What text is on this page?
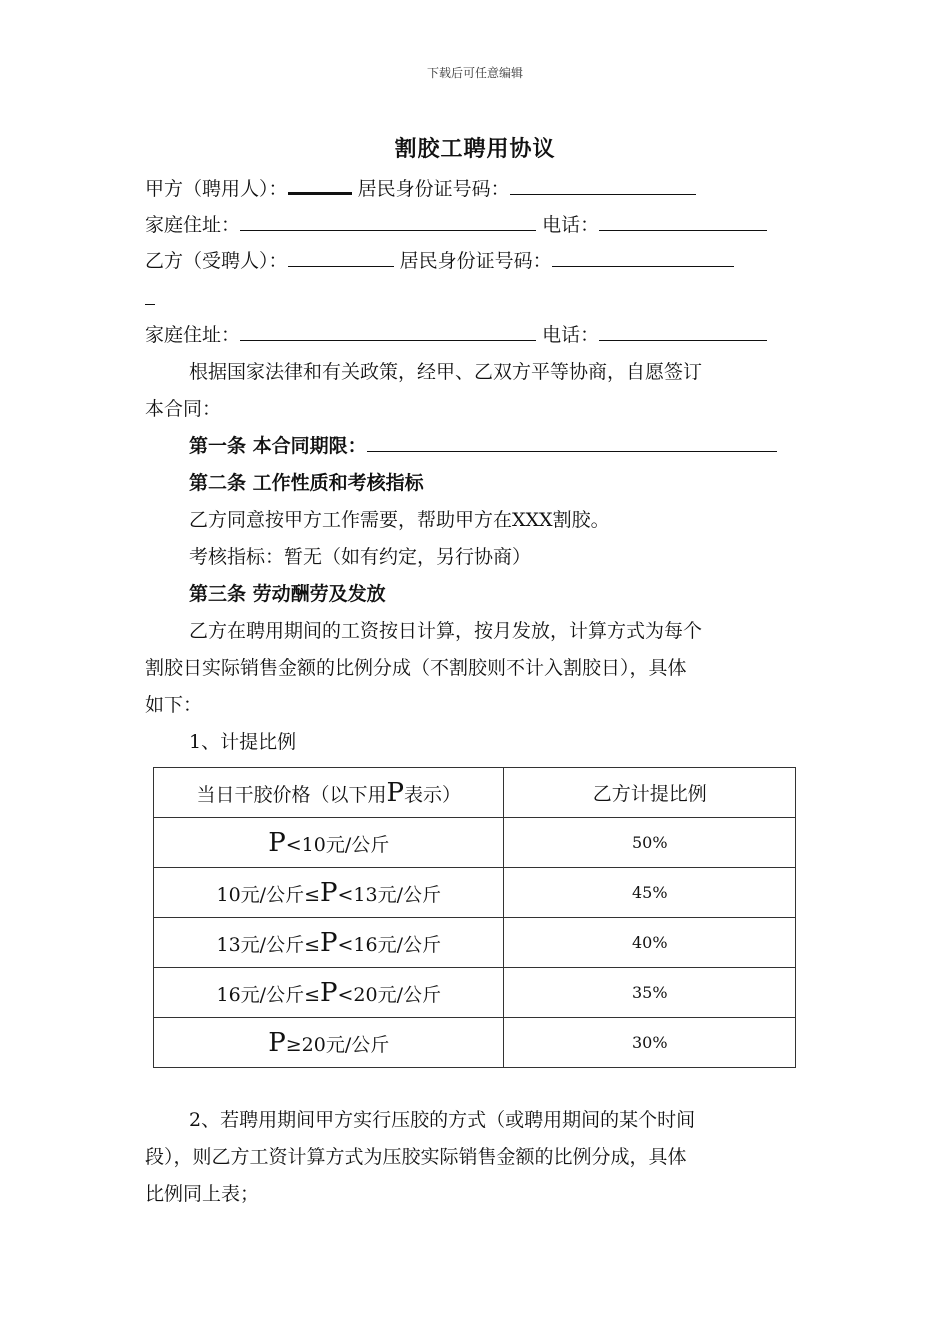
下载后可任意编辑
割胶工聘用协议
甲方（聘用人）：	居民身份证号码：
家庭住址：	电话：
乙方（受聘人）：	居民身份证号码：
家庭住址：	电话：
根据国家法律和有关政策，经甲、乙双方平等协商，自愿签订
本合同：
第一条 本合同期限：
第二条 工作性质和考核指标
乙方同意按甲方工作需要，帮助甲方在XXX割胶。
考核指标：暂无（如有约定，另行协商）
第三条 劳动酬劳及发放
乙方在聘用期间的工资按日计算，按月发放，计算方式为每个
割胶日实际销售金额的比例分成（不割胶则不计入割胶日），具体
如下：
1、计提比例
当日干胶价格（以下用P表示）	乙方计提比例
P<10元/公斤	50%
10元/公斤≤P<13元/公斤	45%
13元/公斤≤P<16元/公斤	40%
16元/公斤≤P<20元/公斤	35%
P≥20元/公斤	30%
2、若聘用期间甲方实行压胶的方式（或聘用期间的某个时间
段），则乙方工资计算方式为压胶实际销售金额的比例分成，具体
比例同上表；
